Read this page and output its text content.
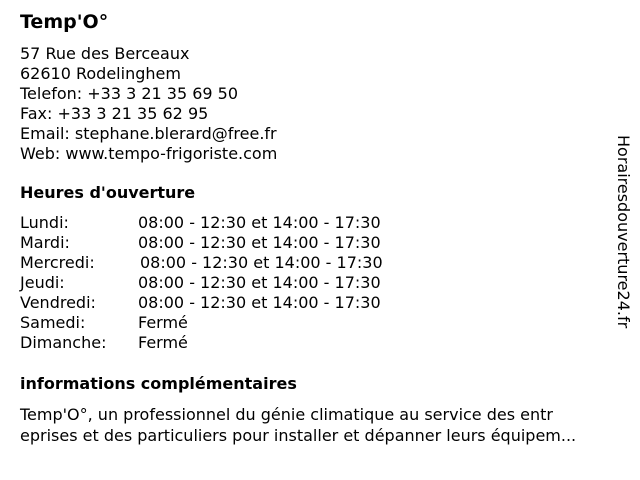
Temp'O°
57 Rue des Berceaux
62610 Rodelinghem
Telefon: +33 3 21 35 69 50
Fax: +33 3 21 35 62 95
Email: stephane.blerard@free.fr
Web: www.tempo-frigoriste.com
Heures d'ouverture
Lundi:	08:00 - 12:30 et 14:00 - 17:30
Mardi:	08:00 - 12:30 et 14:00 - 17:30
Mercredi:	08:00 - 12:30 et 14:00 - 17:30
Jeudi:	08:00 - 12:30 et 14:00 - 17:30
Vendredi:	08:00 - 12:30 et 14:00 - 17:30
Samedi:	Fermé
Dimanche: Fermé
informations complémentaires
Temp'O°, un professionnel du génie climatique au service des entr
eprises et des particuliers pour installer et dépanner leurs équipem...
Horairesdouverture24.fr
